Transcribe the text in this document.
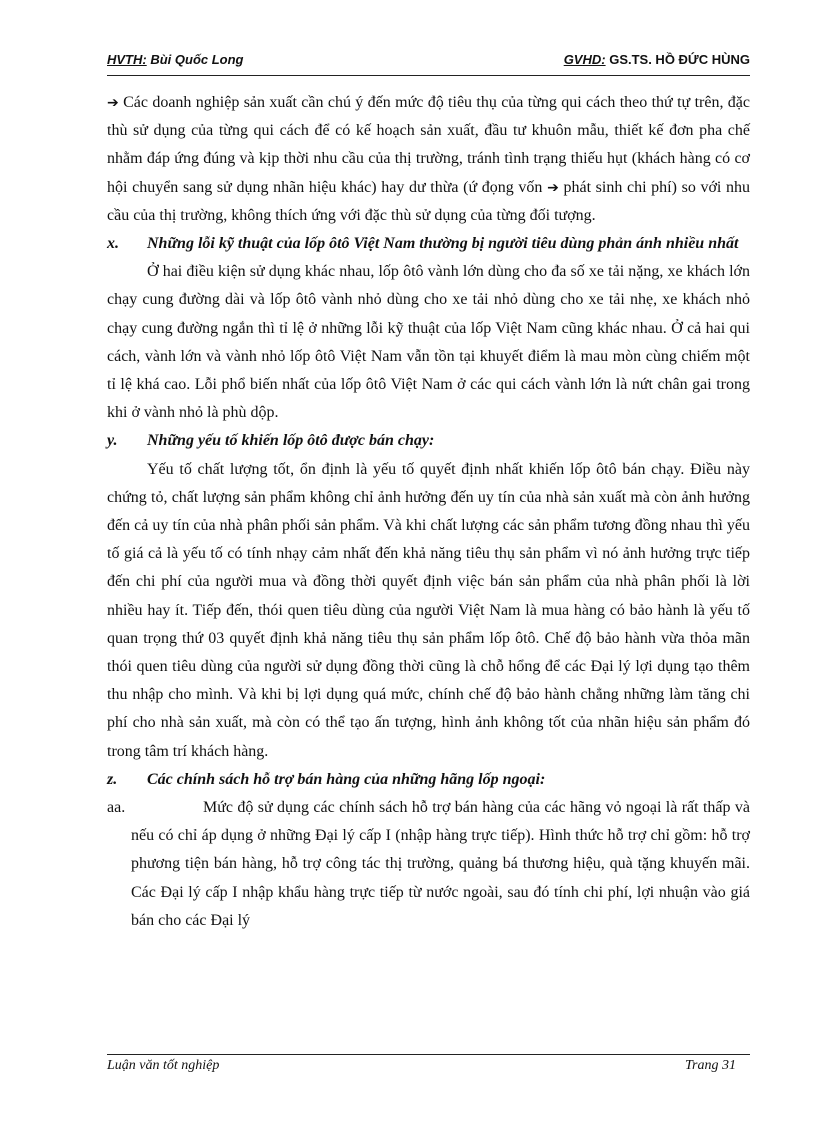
HVTH: Bùi Quốc Long	GVHD: GS.TS. HỒ ĐỨC HÙNG

➔ Các doanh nghiệp sản xuất cần chú ý đến mức độ tiêu thụ của từng qui cách theo thứ tự trên, đặc thù sử dụng của từng qui cách để có kế hoạch sản xuất, đầu tư khuôn mẫu, thiết kế đơn pha chế nhằm đáp ứng đúng và kịp thời nhu cầu của thị trường, tránh tình trạng thiếu hụt (khách hàng có cơ hội chuyển sang sử dụng nhãn hiệu khác) hay dư thừa (ứ đọng vốn ➔ phát sinh chi phí) so với nhu cầu của thị trường, không thích ứng với đặc thù sử dụng của từng đối tượng.

x. Những lỗi kỹ thuật của lốp ôtô Việt Nam thường bị người tiêu dùng phản ánh nhiều nhất

Ở hai điều kiện sử dụng khác nhau, lốp ôtô vành lớn dùng cho đa số xe tải nặng, xe khách lớn chạy cung đường dài và lốp ôtô vành nhỏ dùng cho xe tải nhỏ dùng cho xe tải nhẹ, xe khách nhỏ chạy cung đường ngắn thì tỉ lệ ở những lỗi kỹ thuật của lốp Việt Nam cũng khác nhau. Ở cả hai qui cách, vành lớn và vành nhỏ lốp ôtô Việt Nam vẫn tồn tại khuyết điểm là mau mòn cùng chiếm một tỉ lệ khá cao. Lỗi phổ biến nhất của lốp ôtô Việt Nam ở các qui cách vành lớn là nứt chân gai trong khi ở vành nhỏ là phù dộp.

y. Những yếu tố khiến lốp ôtô được bán chạy:

Yếu tố chất lượng tốt, ổn định là yếu tố quyết định nhất khiến lốp ôtô bán chạy. Điều này chứng tỏ, chất lượng sản phẩm không chỉ ảnh hưởng đến uy tín của nhà sản xuất mà còn ảnh hưởng đến cả uy tín của nhà phân phối sản phẩm. Và khi chất lượng các sản phẩm tương đồng nhau thì yếu tố giá cả là yếu tố có tính nhạy cảm nhất đến khả năng tiêu thụ sản phẩm vì nó ảnh hưởng trực tiếp đến chi phí của người mua và đồng thời quyết định việc bán sản phẩm của nhà phân phối là lời nhiều hay ít. Tiếp đến, thói quen tiêu dùng của người Việt Nam là mua hàng có bảo hành là yếu tố quan trọng thứ 03 quyết định khả năng tiêu thụ sản phẩm lốp ôtô. Chế độ bảo hành vừa thỏa mãn thói quen tiêu dùng của người sử dụng đồng thời cũng là chỗ hổng để các Đại lý lợi dụng tạo thêm thu nhập cho mình. Và khi bị lợi dụng quá mức, chính chế độ bảo hành chẳng những làm tăng chi phí cho nhà sản xuất, mà còn có thể tạo ấn tượng, hình ảnh không tốt của nhãn hiệu sản phẩm đó trong tâm trí khách hàng.

z. Các chính sách hỗ trợ bán hàng của những hãng lốp ngoại:

aa.	Mức độ sử dụng các chính sách hỗ trợ bán hàng của các hãng vỏ ngoại là rất thấp và nếu có chỉ áp dụng ở những Đại lý cấp I (nhập hàng trực tiếp). Hình thức hỗ trợ chỉ gồm: hỗ trợ phương tiện bán hàng, hỗ trợ công tác thị trường, quảng bá thương hiệu, quà tặng khuyến mãi. Các Đại lý cấp I nhập khẩu hàng trực tiếp từ nước ngoài, sau đó tính chi phí, lợi nhuận vào giá bán cho các Đại lý

Luận văn tốt nghiệp	Trang 31
